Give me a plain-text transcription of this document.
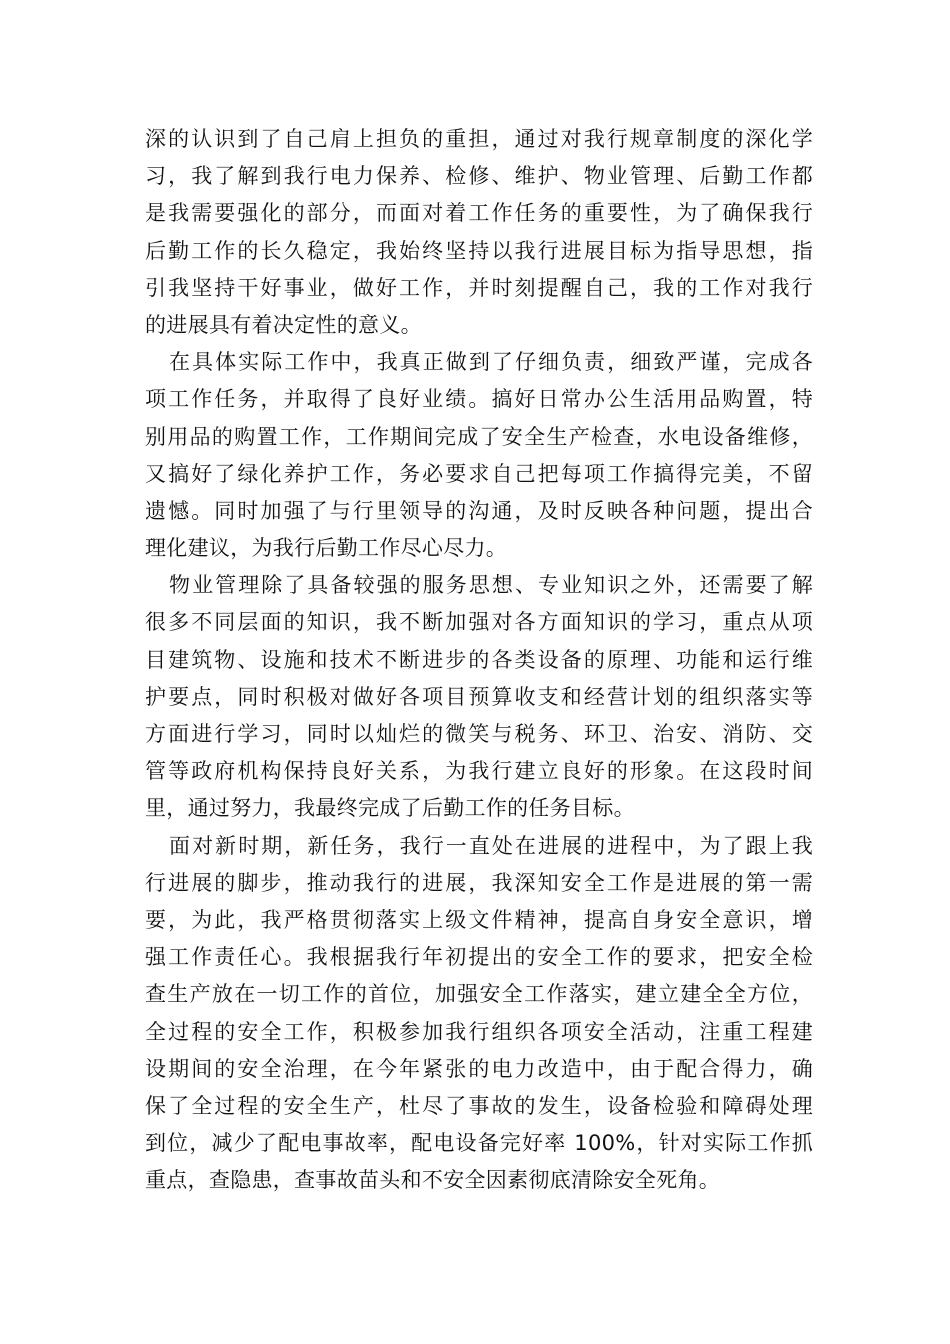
深的认识到了自己肩上担负的重担，通过对我行规章制度的深化学
习，我了解到我行电力保养、检修、维护、物业管理、后勤工作都
是我需要强化的部分，而面对着工作任务的重要性，为了确保我行
后勤工作的长久稳定，我始终坚持以我行进展目标为指导思想，指
引我坚持干好事业，做好工作，并时刻提醒自己，我的工作对我行
的进展具有着决定性的意义。
在具体实际工作中，我真正做到了仔细负责，细致严谨，完成各
项工作任务，并取得了良好业绩。搞好日常办公生活用品购置，特
别用品的购置工作，工作期间完成了安全生产检查，水电设备维修，
又搞好了绿化养护工作，务必要求自己把每项工作搞得完美，不留
遗憾。同时加强了与行里领导的沟通，及时反映各种问题，提出合
理化建议，为我行后勤工作尽心尽力。
物业管理除了具备较强的服务思想、专业知识之外，还需要了解
很多不同层面的知识，我不断加强对各方面知识的学习，重点从项
目建筑物、设施和技术不断进步的各类设备的原理、功能和运行维
护要点，同时积极对做好各项目预算收支和经营计划的组织落实等
方面进行学习，同时以灿烂的微笑与税务、环卫、治安、消防、交
管等政府机构保持良好关系，为我行建立良好的形象。在这段时间
里，通过努力，我最终完成了后勤工作的任务目标。
面对新时期，新任务，我行一直处在进展的进程中，为了跟上我
行进展的脚步，推动我行的进展，我深知安全工作是进展的第一需
要，为此，我严格贯彻落实上级文件精神，提高自身安全意识，增
强工作责任心。我根据我行年初提出的安全工作的要求，把安全检
查生产放在一切工作的首位，加强安全工作落实，建立建全全方位，
全过程的安全工作，积极参加我行组织各项安全活动，注重工程建
设期间的安全治理，在今年紧张的电力改造中，由于配合得力，确
保了全过程的安全生产，杜尽了事故的发生，设备检验和障碍处理
到位，减少了配电事故率，配电设备完好率 100%，针对实际工作抓
重点，查隐患，查事故苗头和不安全因素彻底清除安全死角。
